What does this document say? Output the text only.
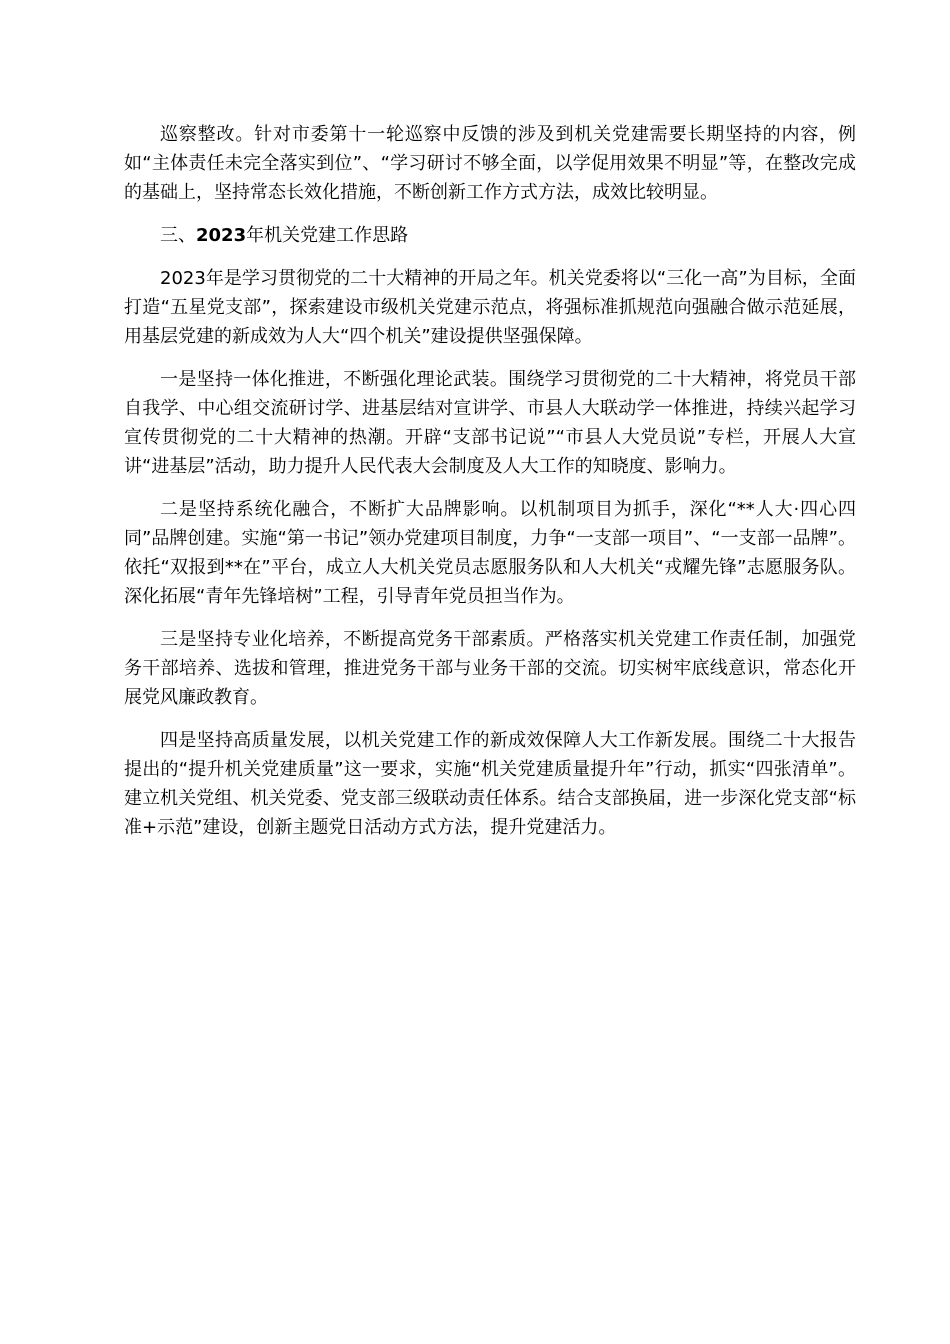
巡察整改。针对市委第十一轮巡察中反馈的涉及到机关党建需要长期坚持的内容，例如“主体责任未完全落实到位”、“学习研讨不够全面，以学促用效果不明显”等，在整改完成的基础上，坚持常态长效化措施，不断创新工作方式方法，成效比较明显。

三、2023年机关党建工作思路

2023年是学习贯彻党的二十大精神的开局之年。机关党委将以“三化一高”为目标，全面打造“五星党支部”，探索建设市级机关党建示范点，将强标准抓规范向强融合做示范延展，用基层党建的新成效为人大“四个机关”建设提供坚强保障。

一是坚持一体化推进，不断强化理论武装。围绕学习贯彻党的二十大精神，将党员干部自我学、中心组交流研讨学、进基层结对宣讲学、市县人大联动学一体推进，持续兴起学习宣传贯彻党的二十大精神的热潮。开辟“支部书记说”“市县人大党员说”专栏，开展人大宣讲“进基层”活动，助力提升人民代表大会制度及人大工作的知晓度、影响力。

二是坚持系统化融合，不断扩大品牌影响。以机制项目为抓手，深化“**人大·四心四同”品牌创建。实施“第一书记”领办党建项目制度，力争“一支部一项目”、“一支部一品牌”。依托“双报到**在”平台，成立人大机关党员志愿服务队和人大机关“戎耀先锋”志愿服务队。深化拓展“青年先锋培树”工程，引导青年党员担当作为。

三是坚持专业化培养，不断提高党务干部素质。严格落实机关党建工作责任制，加强党务干部培养、选拔和管理，推进党务干部与业务干部的交流。切实树牢底线意识，常态化开展党风廉政教育。

四是坚持高质量发展，以机关党建工作的新成效保障人大工作新发展。围绕二十大报告提出的“提升机关党建质量”这一要求，实施“机关党建质量提升年”行动，抓实“四张清单”。建立机关党组、机关党委、党支部三级联动责任体系。结合支部换届，进一步深化党支部“标准+示范”建设，创新主题党日活动方式方法，提升党建活力。
